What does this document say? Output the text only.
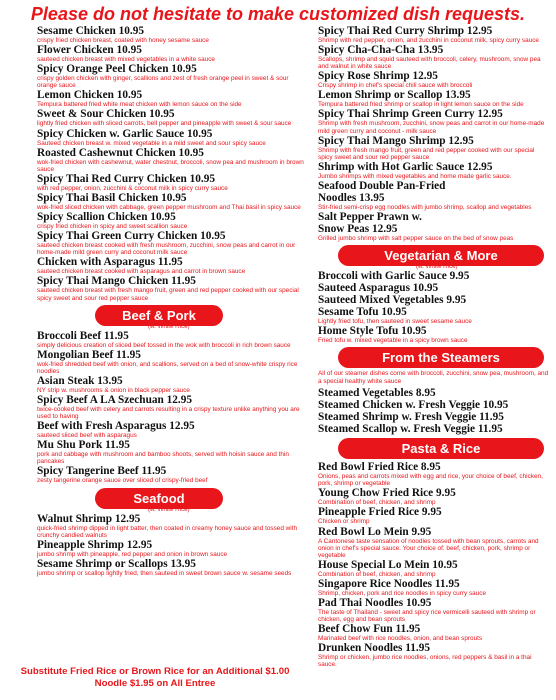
Please do not hesitate to make customized dish requests.
Sesame Chicken 10.95
crispy fried chicken breast, coated with honey sesame sauce
Flower Chicken 10.95
sauteed chicken breast with mixed vegetables in a white sauce
Spicy Orange Peel Chicken 10.95
crispy golden chicken with ginger, scallions and zest of fresh orange peel in sweet & sour orange sauce
Lemon Chicken 10.95
Tempura battered fried white meat chicken with lemon sauce on the side
Sweet & Sour Chicken 10.95
lightly fried chicken with sliced carrots, bell pepper and pineapple with sweet & sour sauce
Spicy Chicken w. Garlic Sauce 10.95
Sauteed chicken breast w. mixed vegetable in a mild sweet and sour spicy sauce
Roasted Cashewnut Chicken 10.95
wok-fried chicken with cashewnut, water chestnut, broccoli, snow pea and mushroom in brown sauce
Spicy Thai Red Curry Chicken 10.95
with red pepper, onion, zucchini & coconut milk in spicy curry sauce
Spicy Thai Basil Chicken 10.95
wok-fried sliced chicken with cabbage, green pepper mushroom and Thai basil in spicy sauce
Spicy Scallion Chicken 10.95
crispy fried chicken in spicy and sweet scallion sauce
Spicy Thai Green Curry Chicken 10.95
sauteed chicken breast cooked with fresh mushroom, zucchini, snow peas and carrot in our home-made mild green curry and coconut milk sauce
Chicken with Asparagus 11.95
sauteed chicken breast cooked with asparagus and carrot in brown sauce
Spicy Thai Mango Chicken 11.95
sauteed chicken breast with fresh mango fruit, green and red pepper cooked with our special spicy sweet and sour red pepper sauce
Beef & Pork
(w. White Rice)
Broccoli Beef 11.95
simply delicious creation of sliced beef tossed in the wok with broccoli in rich brown sauce
Mongolian Beef 11.95
wok-fried shredded beef with onion, and scallions, served on a bed of snow-white crispy rice noodles
Asian Steak 13.95
NY strip w. mushrooms & onion in black pepper sauce
Spicy Beef A LA Szechuan 12.95
twice-cooked beef with celery and carrots resulting in a crispy texture unlike anything you are used to having
Beef with Fresh Asparagus 12.95
sauteed sliced beef with asparagus
Mu Shu Pork 11.95
pork and cabbage with mushroom and bamboo shoots, served with hoisin sauce and thin pancakes
Spicy Tangerine Beef 11.95
zesty tangerine orange sauce over sliced of crispy-fried beef
Seafood
(w. White Rice)
Walnut Shrimp 12.95
quick-fried shrimp dipped in light batter, then coated in creamy honey sauce and tossed with crunchy candied walnuts
Pineapple Shrimp 12.95
jumbo shrimp with pineapple, red pepper and onion in brown sauce
Sesame Shrimp or Scallops 13.95
jumbo shrimp or scallop lightly fried, then sauteed in sweet brown sauce w. sesame seeds
Spicy Thai Red Curry Shrimp 12.95
Shrimp with red pepper, onion, and zucchini in coconut milk, spicy curry sauce
Spicy Cha-Cha-Cha 13.95
Scallops, shrimp and squid sauteed with broccoli, celery, mushroom, snow pea and walnut in white sauce
Spicy Rose Shrimp 12.95
Crispy shrimp in chef's special chili sauce with broccoli
Lemon Shrimp or Scallop 13.95
Tempura battered fried shrimp or scallop in light lemon sauce on the side
Spicy Thai Shrimp Green Curry 12.95
Shrimp with fresh mushroom, zucchini, snow peas and carrot in our home-made mild green curry and coconut - milk sauce
Spicy Thai Mango Shrimp 12.95
Shrimp with fresh mango fruit, green and red pepper cooked with our special spicy sweet and sour red pepper sauce
Shrimp with Hot Garlic Sauce 12.95
Jumbo shrimps with mixed vegetables and home made garlic sauce.
Seafood Double Pan-Fried Noodles 13.95
Stir-fried semi-crisp egg noodles with jumbo shrimp, scallop and vegetables
Salt Pepper Prawn w. Snow Peas 12.95
Grilled jumbo shrimp with salt pepper sauce on the bed of snow peas
Vegetarian & More
(w. White Rice)
Broccoli with Garlic Sauce 9.95
Sauteed Asparagus 10.95
Sauteed Mixed Vegetables 9.95
Sesame Tofu 10.95
Lightly fried tofu, then sauteed in sweet sesame sauce
Home Style Tofu 10.95
Fried tofu w. mixed vegetable in a spicy brown sauce
From the Steamers
All of our steamer dishes come with broccoli, zucchini, snow pea, mushroom, and a special healthy white sauce
Steamed Vegetables 8.95
Steamed Chicken w. Fresh Veggie 10.95
Steamed Shrimp w. Fresh Veggie 11.95
Steamed Scallop w. Fresh Veggie 11.95
Pasta & Rice
Red Bowl Fried Rice 8.95
Onions, peas and carrots mixed with egg and rice, your choice of beef, chicken, pork, shrimp or vegetable
Young Chow Fried Rice 9.95
Combination of beef, chicken, and shrimp
Pineapple Fried Rice 9.95
Chicken or shrimp
Red Bowl Lo Mein 9.95
A Cantonese taste sensation of noodles tossed with bean sprouts, carrots and onion in chef's special sauce. Your choice of: beef, chicken, pork, shrimp or vegetable
House Special Lo Mein 10.95
Combination of beef, chicken, and shrimp
Singapore Rice Noodles 11.95
Shrimp, chicken, pork and rice noodles in spicy curry sauce
Pad Thai Noodles 10.95
The taste of Thailand - sweet and spicy rice vermicelli sauteed with shrimp or chicken, egg and bean sprouts
Beef Chow Fun 11.95
Marinated beef with rice noodles, onion, and bean sprouts
Drunken Noodles 11.95
Shrimp or chicken, jumbo rice noodles, onions, red peppers & basil in a thai sauce.
Substitute Fried Rice or Brown Rice for an Additional $1.00
Noodle $1.95 on All Entree
